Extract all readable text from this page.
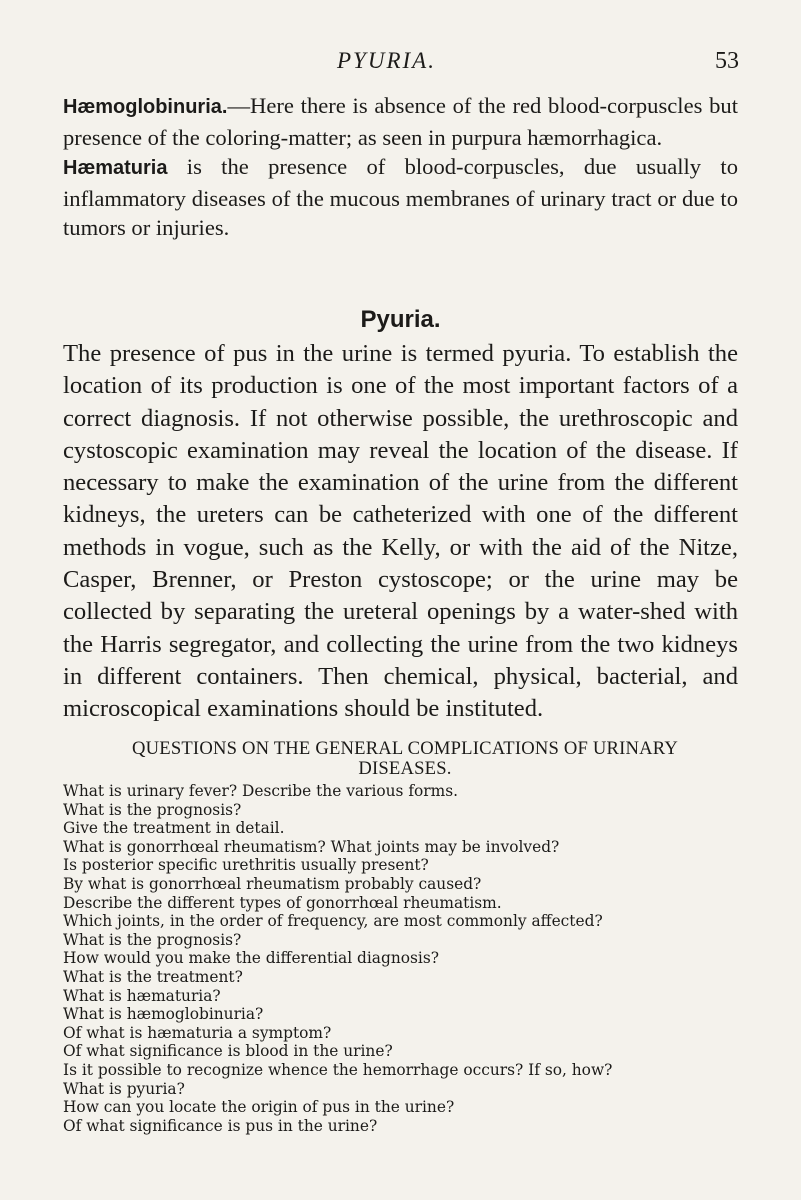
PYURIA.	53

Hæmoglobinuria.—Here there is absence of the red blood-corpuscles but presence of the coloring-matter; as seen in purpura hæmorrhagica.

Hæmaturia is the presence of blood-corpuscles, due usually to inflammatory diseases of the mucous membranes of urinary tract or due to tumors or injuries.

Pyuria.

The presence of pus in the urine is termed pyuria. To establish the location of its production is one of the most important factors of a correct diagnosis. If not otherwise possible, the urethroscopic and cystoscopic examination may reveal the location of the disease. If necessary to make the examination of the urine from the different kidneys, the ureters can be catheterized with one of the different methods in vogue, such as the Kelly, or with the aid of the Nitze, Casper, Brenner, or Preston cystoscope; or the urine may be collected by separating the ureteral openings by a water-shed with the Harris segregator, and collecting the urine from the two kidneys in different containers. Then chemical, physical, bacterial, and microscopical examinations should be instituted.

QUESTIONS ON THE GENERAL COMPLICATIONS OF URINARY DISEASES.
What is urinary fever? Describe the various forms.
What is the prognosis?
Give the treatment in detail.
What is gonorrhœal rheumatism? What joints may be involved?
Is posterior specific urethritis usually present?
By what is gonorrhœal rheumatism probably caused?
Describe the different types of gonorrhœal rheumatism.
Which joints, in the order of frequency, are most commonly affected?
What is the prognosis?
How would you make the differential diagnosis?
What is the treatment?
What is hæmaturia?
What is hæmoglobinuria?
Of what is hæmaturia a symptom?
Of what significance is blood in the urine?
Is it possible to recognize whence the hemorrhage occurs? If so, how?
What is pyuria?
How can you locate the origin of pus in the urine?
Of what significance is pus in the urine?
